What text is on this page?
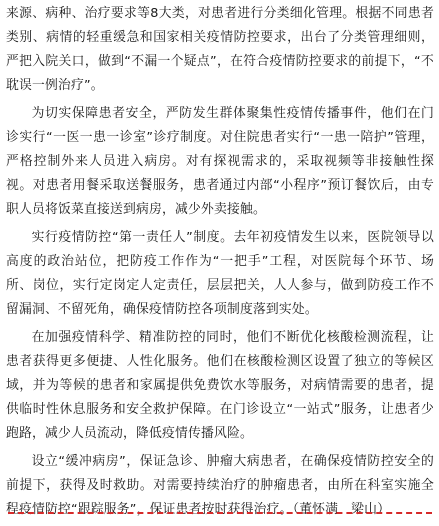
来源、病种、治疗要求等8大类，对患者进行分类细化管理。根据不同患者类别、病情的轻重缓急和国家相关疫情防控要求，出台了分类管理细则，严把入院关口，做到“不漏一个疑点”，在符合疫情防控要求的前提下，“不耽误一例治疗”。

为切实保障患者安全，严防发生群体聚集性疫情传播事件，他们在门诊实行“一医一患一诊室”诊疗制度。对住院患者实行“一患一陪护”管理，严格控制外来人员进入病房。对有探视需求的，采取视频等非接触性探视。对患者用餐采取送餐服务，患者通过内部“小程序”预订餐饮后，由专职人员将饭菜直接送到病房，减少外卖接触。

实行疫情防控“第一责任人”制度。去年初疫情发生以来，医院领导以高度的政治站位，把防疫工作作为“一把手”工程，对医院每个环节、场所、岗位，实行定岗定人定责任，层层把关，人人参与，做到防疫工作不留漏洞、不留死角，确保疫情防控各项制度落到实处。

在加强疫情科学、精准防控的同时，他们不断优化核酸检测流程，让患者获得更多便捷、人性化服务。他们在核酸检测区设置了独立的等候区域，并为等候的患者和家属提供免费饮水等服务，对病情需要的患者，提供临时性休息服务和安全救护保障。在门诊设立“一站式”服务，让患者少跑路，减少人员流动，降低疫情传播风险。

设立“缓冲病房”，保证急诊、肿瘤大病患者，在确保疫情防控安全的前提下，获得及时救助。对需要持续治疗的肿瘤患者，由所在科室实施全程疫情防控“跟踪服务”，保证患者按时获得治疗。（董怀满　梁山）
